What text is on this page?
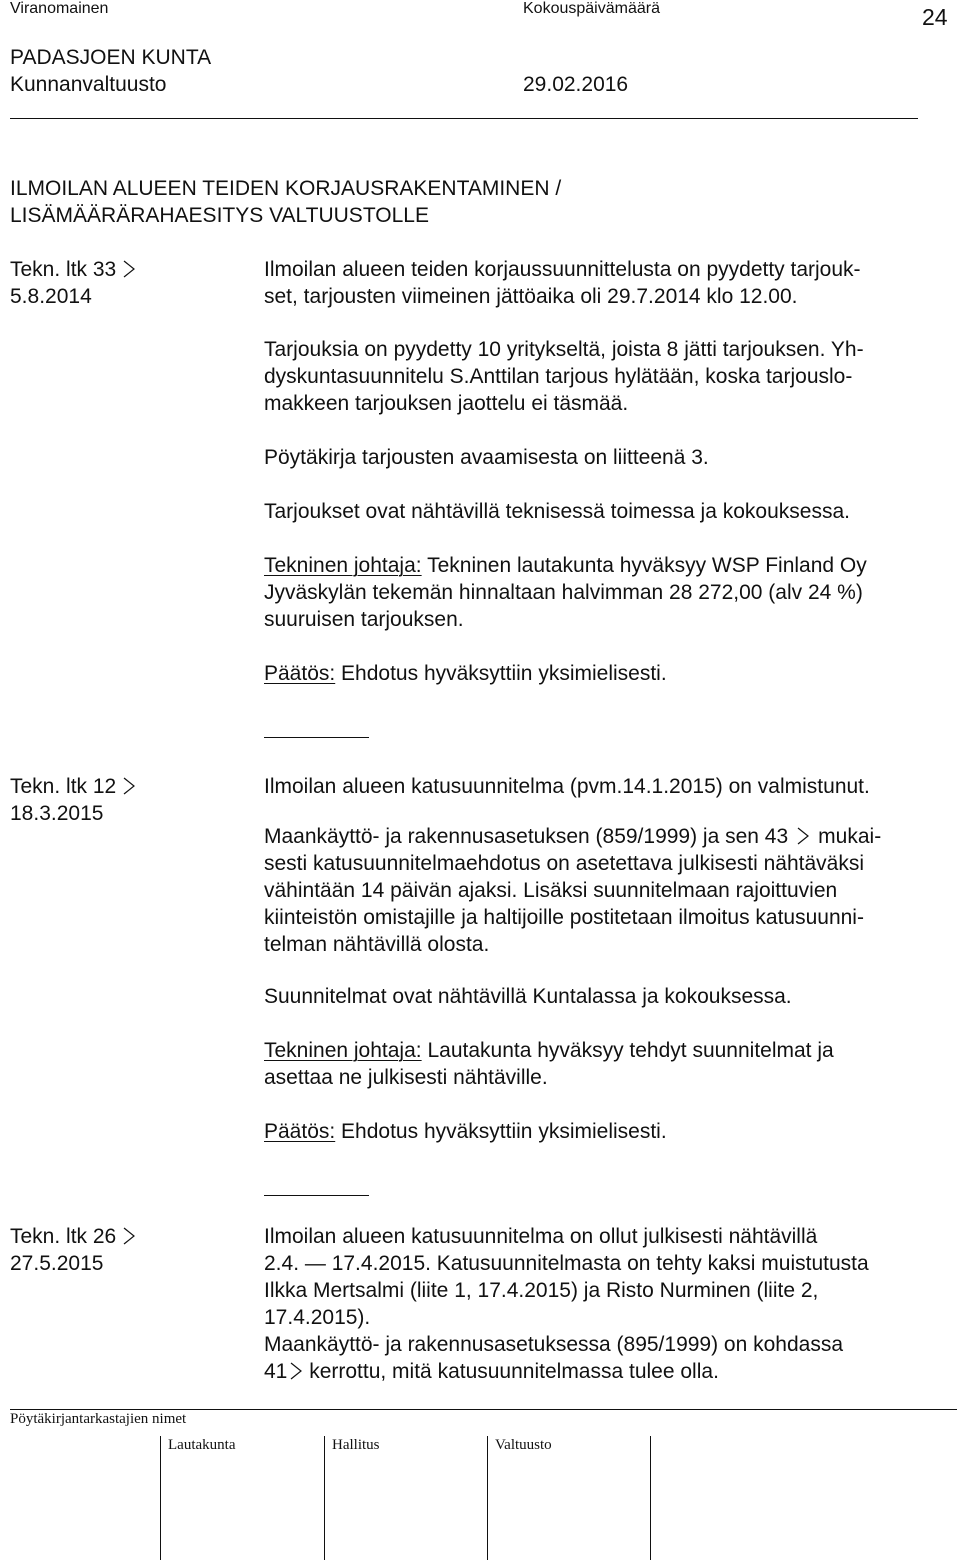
Viranomainen	Kokouspäivämäärä	24
PADASJOEN KUNTA
Kunnanvaltuusto	29.02.2016
ILMOILAN ALUEEN TEIDEN KORJAUSRAKENTAMINEN /
LISÄMÄÄRÄRAHAESITYS VALTUUSTOLLE
Tekn. ltk 33
5.8.2014
Ilmoilan alueen teiden korjaussuunnittelusta on pyydetty tarjouk-
set, tarjousten viimeinen jättöaika oli 29.7.2014 klo 12.00.
Tarjouksia on pyydetty 10 yritykseltä, joista 8 jätti tarjouksen. Yh-
dyskuntasuunnitelu S.Anttilan tarjous hylätään, koska tarjouslo-
makkeen tarjouksen jaottelu ei täsmää.
Pöytäkirja tarjousten avaamisesta on liitteenä 3.
Tarjoukset ovat nähtävillä teknisessä toimessa ja kokouksessa.
Tekninen johtaja: Tekninen lautakunta hyväksyy WSP Finland Oy
Jyväskylän tekemän hinnaltaan halvimman 28 272,00 (alv 24 %)
suuruisen tarjouksen.
Päätös: Ehdotus hyväksyttiin yksimielisesti.
Tekn. ltk 12
18.3.2015
Ilmoilan alueen katusuunnitelma (pvm.14.1.2015) on valmistunut.
Maankäyttö- ja rakennusasetuksen (859/1999) ja sen 43 mukai-
sesti katusuunnitelmaehdotus on asetettava julkisesti nähtäväksi
vähintään 14 päivän ajaksi. Lisäksi suunnitelmaan rajoittuvien
kiinteistön omistajille ja haltijoille postitetaan ilmoitus katusuunni-
telman nähtävillä olosta.
Suunnitelmat ovat nähtävillä Kuntalassa ja kokouksessa.
Tekninen johtaja: Lautakunta hyväksyy tehdyt suunnitelmat ja
asettaa ne julkisesti nähtäville.
Päätös: Ehdotus hyväksyttiin yksimielisesti.
Tekn. ltk 26
27.5.2015
Ilmoilan alueen katusuunnitelma on ollut julkisesti nähtävillä
2.4. — 17.4.2015. Katusuunnitelmasta on tehty kaksi muistutusta
Ilkka Mertsalmi (liite 1, 17.4.2015) ja Risto Nurminen (liite 2,
17.4.2015).
Maankäyttö- ja rakennusasetuksessa (895/1999) on kohdassa
41
kerrottu, mitä katusuunnitelmassa tulee olla.
Pöytäkirjantarkastajien nimet
Lautakunta	Hallitus	Valtuusto
